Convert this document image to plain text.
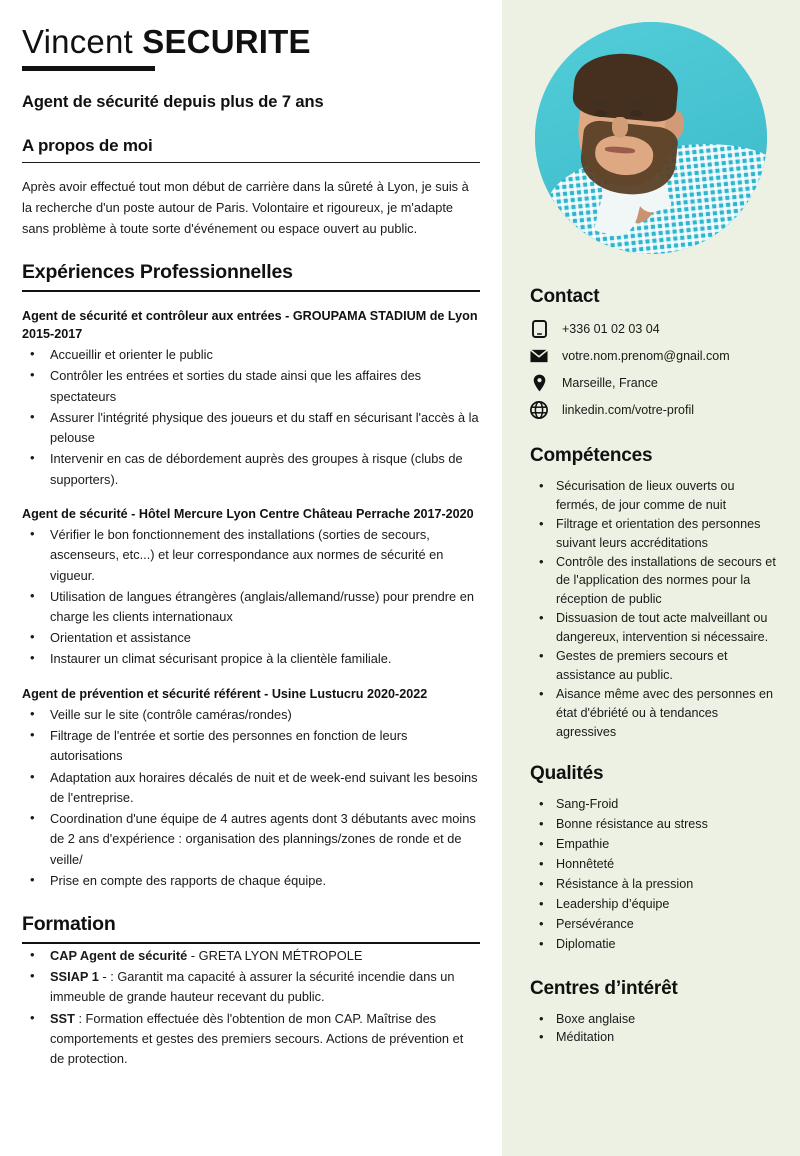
Vincent SECURITE
Agent de sécurité depuis plus de 7 ans
A propos de moi
Après avoir effectué tout mon début de carrière dans la sûreté à Lyon, je suis à la recherche d'un poste autour de Paris. Volontaire et rigoureux, je m'adapte sans problème à toute sorte d'événement ou espace ouvert au public.
Expériences Professionnelles
Agent de sécurité et contrôleur aux entrées - GROUPAMA STADIUM de Lyon 2015-2017
• Accueillir et orienter le public
• Contrôler les entrées et sorties du stade ainsi que les affaires des spectateurs
• Assurer l'intégrité physique des joueurs et du staff en sécurisant l'accès à la pelouse
• Intervenir en cas de débordement auprès des groupes à risque (clubs de supporters).
Agent de sécurité - Hôtel Mercure Lyon Centre Château Perrache 2017-2020
• Vérifier le bon fonctionnement des installations (sorties de secours, ascenseurs, etc...) et leur correspondance aux normes de sécurité en vigueur.
• Utilisation de langues étrangères (anglais/allemand/russe) pour prendre en charge les clients internationaux
• Orientation et assistance
• Instaurer un climat sécurisant propice à la clientèle familiale.
Agent de prévention et sécurité référent - Usine Lustucru 2020-2022
• Veille sur le site (contrôle caméras/rondes)
• Filtrage de l'entrée et sortie des personnes en fonction de leurs autorisations
• Adaptation aux horaires décalés de nuit et de week-end suivant les besoins de l'entreprise.
• Coordination d'une équipe de 4 autres agents dont 3 débutants avec moins de 2 ans d'expérience : organisation des plannings/zones de ronde et de veille/
• Prise en compte des rapports de chaque équipe.
Formation
• CAP Agent de sécurité - GRETA LYON MÉTROPOLE
• SSIAP 1 - : Garantit ma capacité à assurer la sécurité incendie dans un immeuble de grande hauteur recevant du public.
• SST : Formation effectuée dès l'obtention de mon CAP. Maîtrise des comportements et gestes des premiers secours. Actions de prévention et de protection.
Contact
+336 01 02 03 04
votre.nom.prenom@gnail.com
Marseille, France
linkedin.com/votre-profil
Compétences
• Sécurisation de lieux ouverts ou fermés, de jour comme de nuit
• Filtrage et orientation des personnes suivant leurs accréditations
• Contrôle des installations de secours et de l'application des normes pour la réception de public
• Dissuasion de tout acte malveillant ou dangereux, intervention si nécessaire.
• Gestes de premiers secours et assistance au public.
• Aisance même avec des personnes en état d'ébriété ou à tendances agressives
Qualités
• Sang-Froid
• Bonne résistance au stress
• Empathie
• Honnêteté
• Résistance à la pression
• Leadership d’équipe
• Persévérance
• Diplomatie
Centres d’intérêt
• Boxe anglaise
• Méditation
